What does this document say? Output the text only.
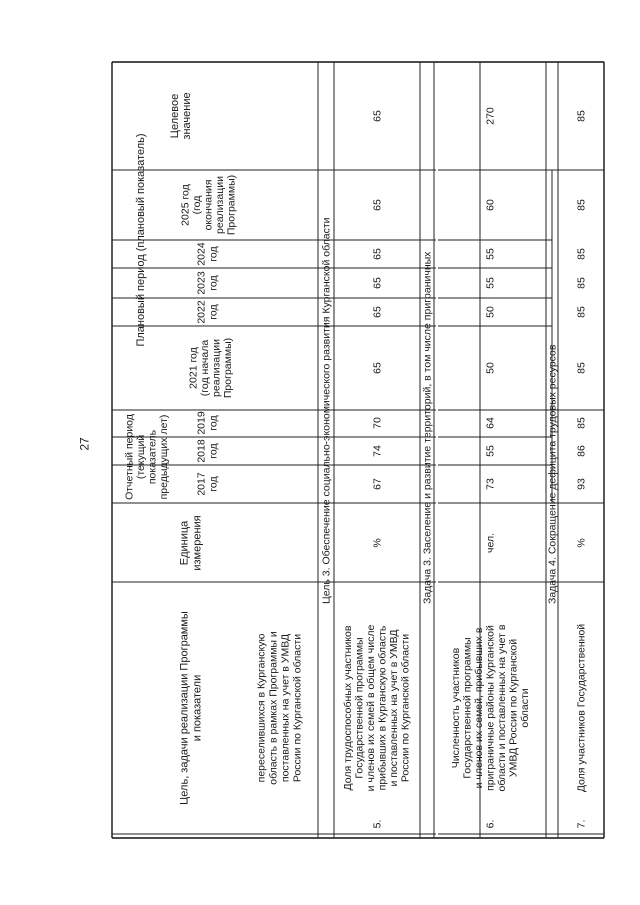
27
Цель, задачи реализации Программы и показатели
Единица измерения
Отчетный период (текущий показатель предыдущих лет)
Плановый период (плановый показатель)
Целевое значение
2017 год
2018 год
2019 год
2021 год (год начала реализации Программы)
2022 год
2023 год
2024 год
2025 год (год окончания реализации Программы)
переселившихся в Курганскую область в рамках Программы и поставленных на учет в УМВД России по Курганской области
Цель 3. Обеспечение социально-экономического развития Курганской области
5.
Доля трудоспособных участников Государственной программы и членов их семей в общем числе прибывших в Курганскую область и поставленных на учет в УМВД России по Курганской области
%
67
74
70
65
65
65
65
65
65
Задача 3. Заселение и развитие территорий, в том числе приграничных
6.
Численность участников Государственной программы и членов их семей, прибывших в приграничные районы Курганской области и поставленных на учет в УМВД России по Курганской области
чел.
73
55
64
50
50
55
55
60
270
Задача 4. Сокращение дефицита трудовых ресурсов
7.
Доля участников Государственной
%
93
86
85
85
85
85
85
85
85
